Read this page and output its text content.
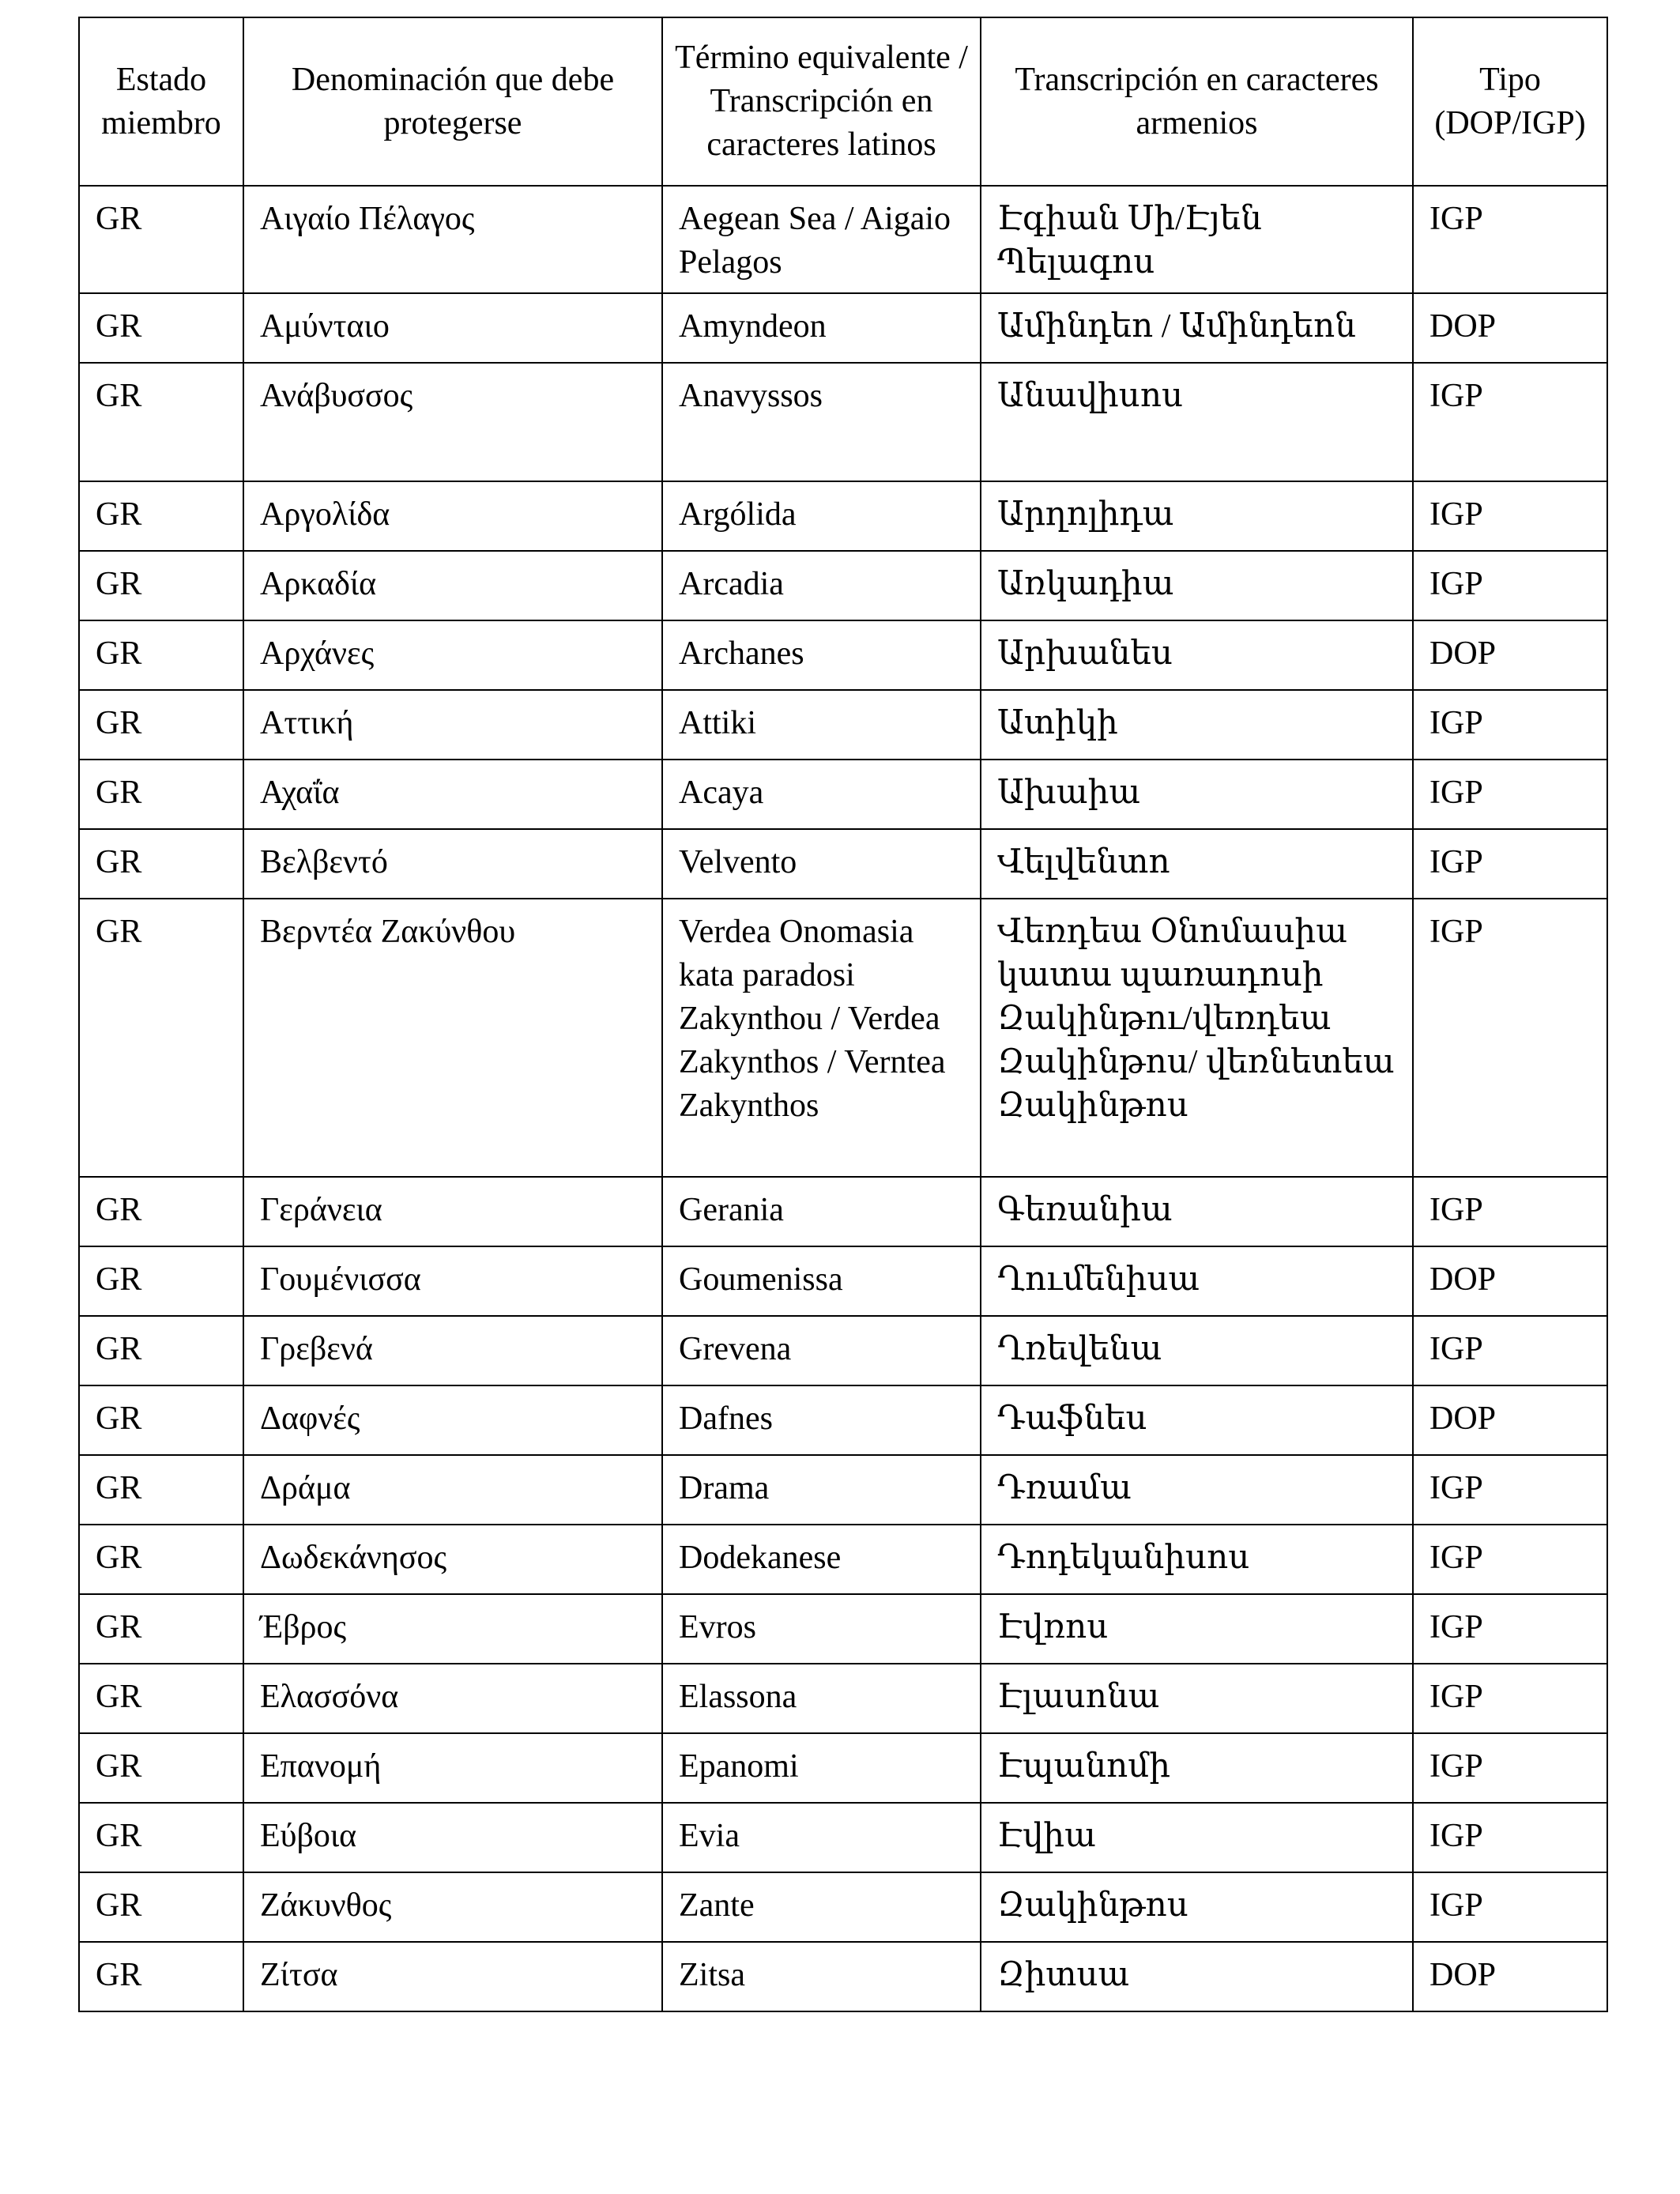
Estado miembro	Denominación que debe protegerse	Término equivalente / Transcripción en caracteres latinos	Transcripción en caracteres armenios	Tipo (DOP/IGP)
GR	Αιγαίο Πέλαγος	Aegean Sea / Aigaio Pelagos	Էգիան Սի/Էյեն Պելագոս	IGP
GR	Αμύνταιο	Amyndeon	Ամինդեո / Ամինդեոն	DOP
GR	Ανάβυσσος	Anavyssos	Անավիսոս	IGP
GR	Αργολίδα	Argólida	Արղոլիդա	IGP
GR	Αρκαδία	Arcadia	Առկադիա	IGP
GR	Αρχάνες	Archanes	Արխանես	DOP
GR	Αττική	Attiki	Ատիկի	IGP
GR	Αχαΐα	Acaya	Ախաիա	IGP
GR	Βελβεντό	Velvento	Վելվենտո	IGP
GR	Βερντέα Ζακύνθου	Verdea Onomasia kata paradosi Zakynthou / Verdea Zakynthos / Verntea Zakynthos	Վեռդեա Օնոմասիա կատա պառադոսի Զակինթու/վեռդեա Զակինթոս/ վեռնետեա Զակինթոս	IGP
GR	Γεράνεια	Gerania	Գեռանիա	IGP
GR	Γουμένισσα	Goumenissa	Ղումենիսա	DOP
GR	Γρεβενά	Grevena	Ղռեվենա	IGP
GR	Δαφνές	Dafnes	Դաֆնես	DOP
GR	Δράμα	Drama	Դռամա	IGP
GR	Δωδεκάνησος	Dodekanese	Դոդեկանիսոս	IGP
GR	Έβρος	Evros	Էվռոս	IGP
GR	Ελασσόνα	Elassona	Էլասոնա	IGP
GR	Επανομή	Epanomi	Էպանոմի	IGP
GR	Εύβοια	Evia	Էվիա	IGP
GR	Ζάκυνθος	Zante	Զակինթոս	IGP
GR	Ζίτσα	Zitsa	Զիտսա	DOP
